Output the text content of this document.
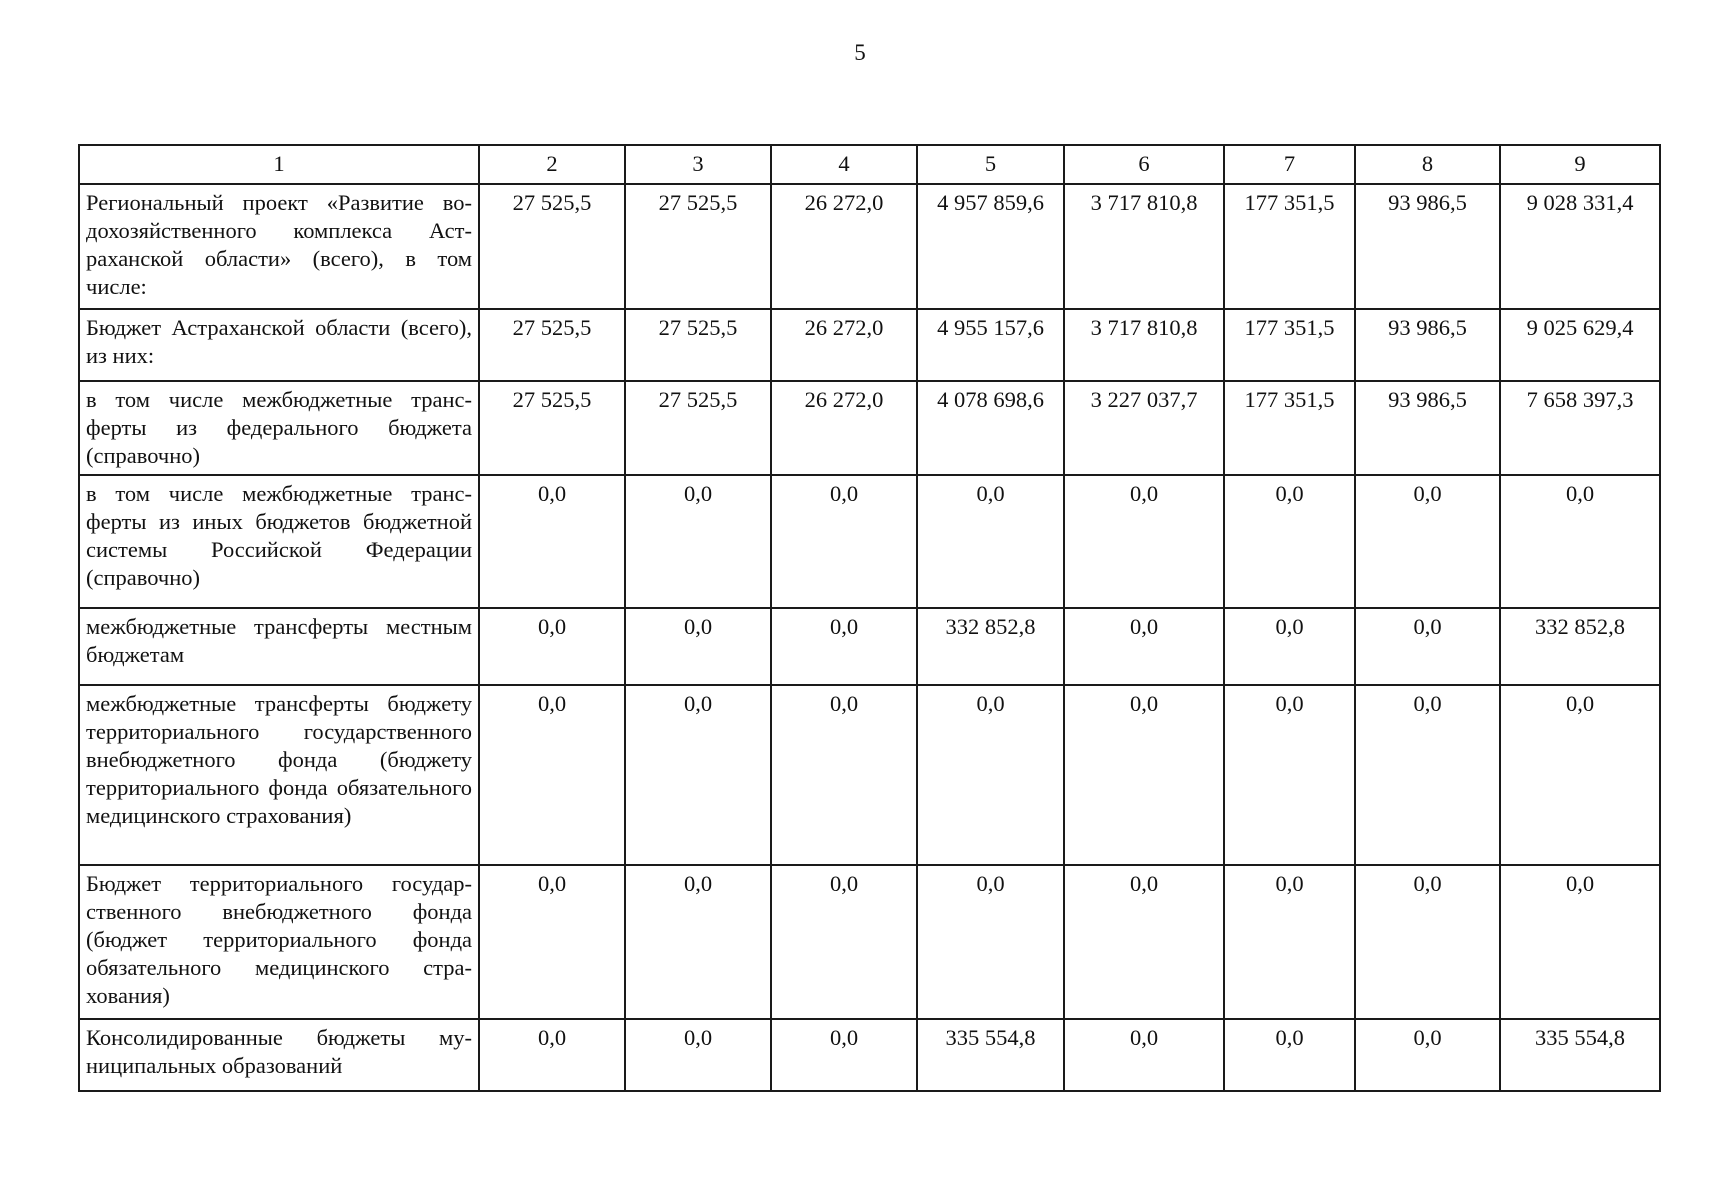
5
1	2	3	4	5	6	7	8	9
Региональный проект «Развитие водохозяйственного комплекса Астраханской области» (всего), в том числе:	27 525,5	27 525,5	26 272,0	4 957 859,6	3 717 810,8	177 351,5	93 986,5	9 028 331,4
Бюджет Астраханской области (всего), из них:	27 525,5	27 525,5	26 272,0	4 955 157,6	3 717 810,8	177 351,5	93 986,5	9 025 629,4
в том числе межбюджетные трансферты из федерального бюджета (справочно)	27 525,5	27 525,5	26 272,0	4 078 698,6	3 227 037,7	177 351,5	93 986,5	7 658 397,3
в том числе межбюджетные трансферты из иных бюджетов бюджетной системы Российской Федерации (справочно)	0,0	0,0	0,0	0,0	0,0	0,0	0,0	0,0
межбюджетные трансферты местным бюджетам	0,0	0,0	0,0	332 852,8	0,0	0,0	0,0	332 852,8
межбюджетные трансферты бюджету территориального государственного внебюджетного фонда (бюджету территориального фонда обязательного медицинского страхования)	0,0	0,0	0,0	0,0	0,0	0,0	0,0	0,0
Бюджет территориального государственного внебюджетного фонда (бюджет территориального фонда обязательного медицинского страхования)	0,0	0,0	0,0	0,0	0,0	0,0	0,0	0,0
Консолидированные бюджеты муниципальных образований	0,0	0,0	0,0	335 554,8	0,0	0,0	0,0	335 554,8
